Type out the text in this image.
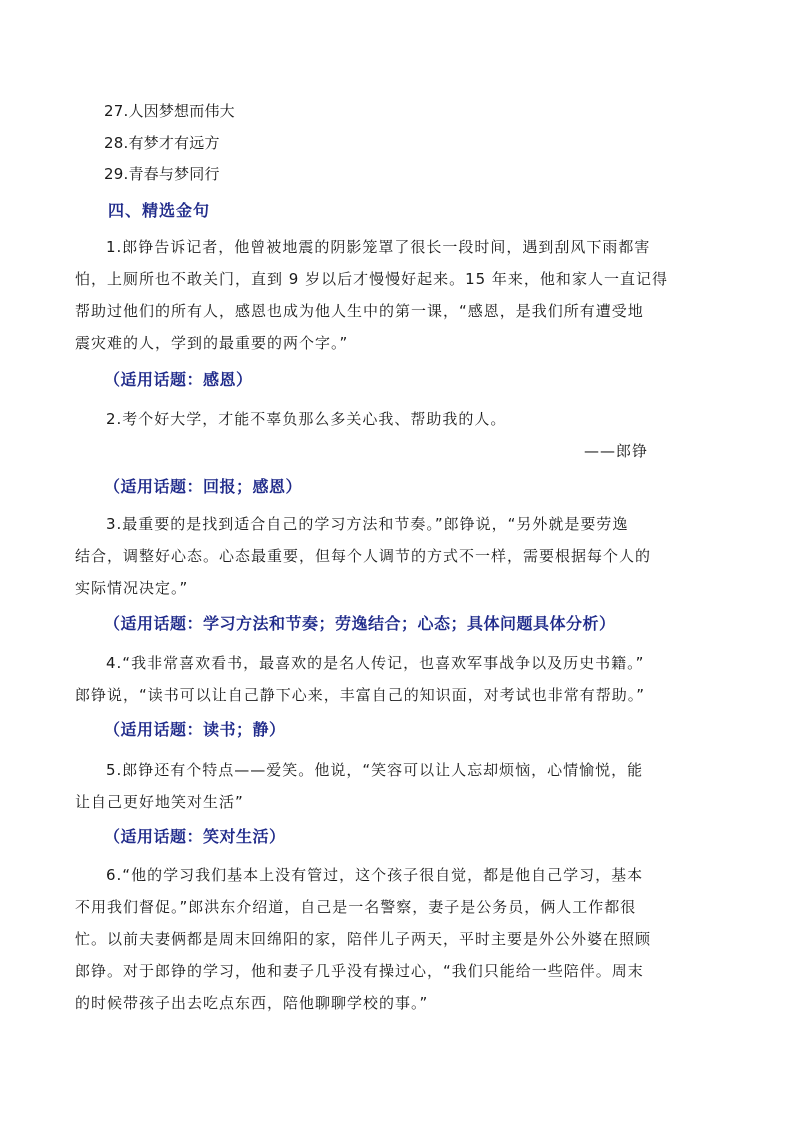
27.人因梦想而伟大
28.有梦才有远方
29.青春与梦同行
四、精选金句
1.郎铮告诉记者，他曾被地震的阴影笼罩了很长一段时间，遇到刮风下雨都害
怕，上厕所也不敢关门，直到 9 岁以后才慢慢好起来。15 年来，他和家人一直记得
帮助过他们的所有人，感恩也成为他人生中的第一课，“感恩，是我们所有遭受地
震灾难的人，学到的最重要的两个字。”
（适用话题：感恩）
2.考个好大学，才能不辜负那么多关心我、帮助我的人。
——郎铮
（适用话题：回报；感恩）
3.最重要的是找到适合自己的学习方法和节奏。”郎铮说，“另外就是要劳逸
结合，调整好心态。心态最重要，但每个人调节的方式不一样，需要根据每个人的
实际情况决定。”
（适用话题：学习方法和节奏；劳逸结合；心态；具体问题具体分析）
4.“我非常喜欢看书，最喜欢的是名人传记，也喜欢军事战争以及历史书籍。”
郎铮说，“读书可以让自己静下心来，丰富自己的知识面，对考试也非常有帮助。”
（适用话题：读书；静）
5.郎铮还有个特点——爱笑。他说，“笑容可以让人忘却烦恼，心情愉悦，能
让自己更好地笑对生活”
（适用话题：笑对生活）
6.“他的学习我们基本上没有管过，这个孩子很自觉，都是他自己学习，基本
不用我们督促。”郎洪东介绍道，自己是一名警察，妻子是公务员，俩人工作都很
忙。以前夫妻俩都是周末回绵阳的家，陪伴儿子两天，平时主要是外公外婆在照顾
郎铮。对于郎铮的学习，他和妻子几乎没有操过心，“我们只能给一些陪伴。周末
的时候带孩子出去吃点东西，陪他聊聊学校的事。”
